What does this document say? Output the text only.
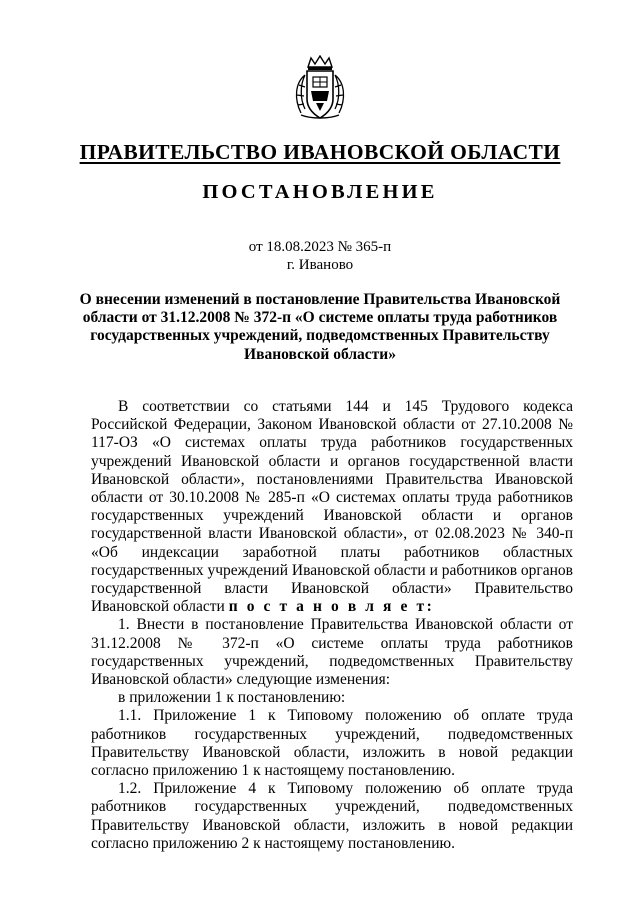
ПРАВИТЕЛЬСТВО ИВАНОВСКОЙ ОБЛАСТИ
ПОСТАНОВЛЕНИЕ
от 18.08.2023 № 365-п
г. Иваново
О внесении изменений в постановление Правительства Ивановской области от 31.12.2008 № 372-п «О системе оплаты труда работников государственных учреждений, подведомственных Правительству Ивановской области»

В соответствии со статьями 144 и 145 Трудового кодекса Российской Федерации, Законом Ивановской области от 27.10.2008 № 117-ОЗ «О системах оплаты труда работников государственных учреждений Ивановской области и органов государственной власти Ивановской области», постановлениями Правительства Ивановской области от 30.10.2008 № 285-п «О системах оплаты труда работников государственных учреждений Ивановской области и органов государственной власти Ивановской области», от 02.08.2023 № 340-п «Об индексации заработной платы работников областных государственных учреждений Ивановской области и работников органов государственной власти Ивановской области» Правительство Ивановской области п о с т а н о в л я е т:

1. Внести в постановление Правительства Ивановской области от 31.12.2008 № 372-п «О системе оплаты труда работников государственных учреждений, подведомственных Правительству Ивановской области» следующие изменения:

в приложении 1 к постановлению:

1.1. Приложение 1 к Типовому положению об оплате труда работников государственных учреждений, подведомственных Правительству Ивановской области, изложить в новой редакции согласно приложению 1 к настоящему постановлению.

1.2. Приложение 4 к Типовому положению об оплате труда работников государственных учреждений, подведомственных Правительству Ивановской области, изложить в новой редакции согласно приложению 2 к настоящему постановлению.
